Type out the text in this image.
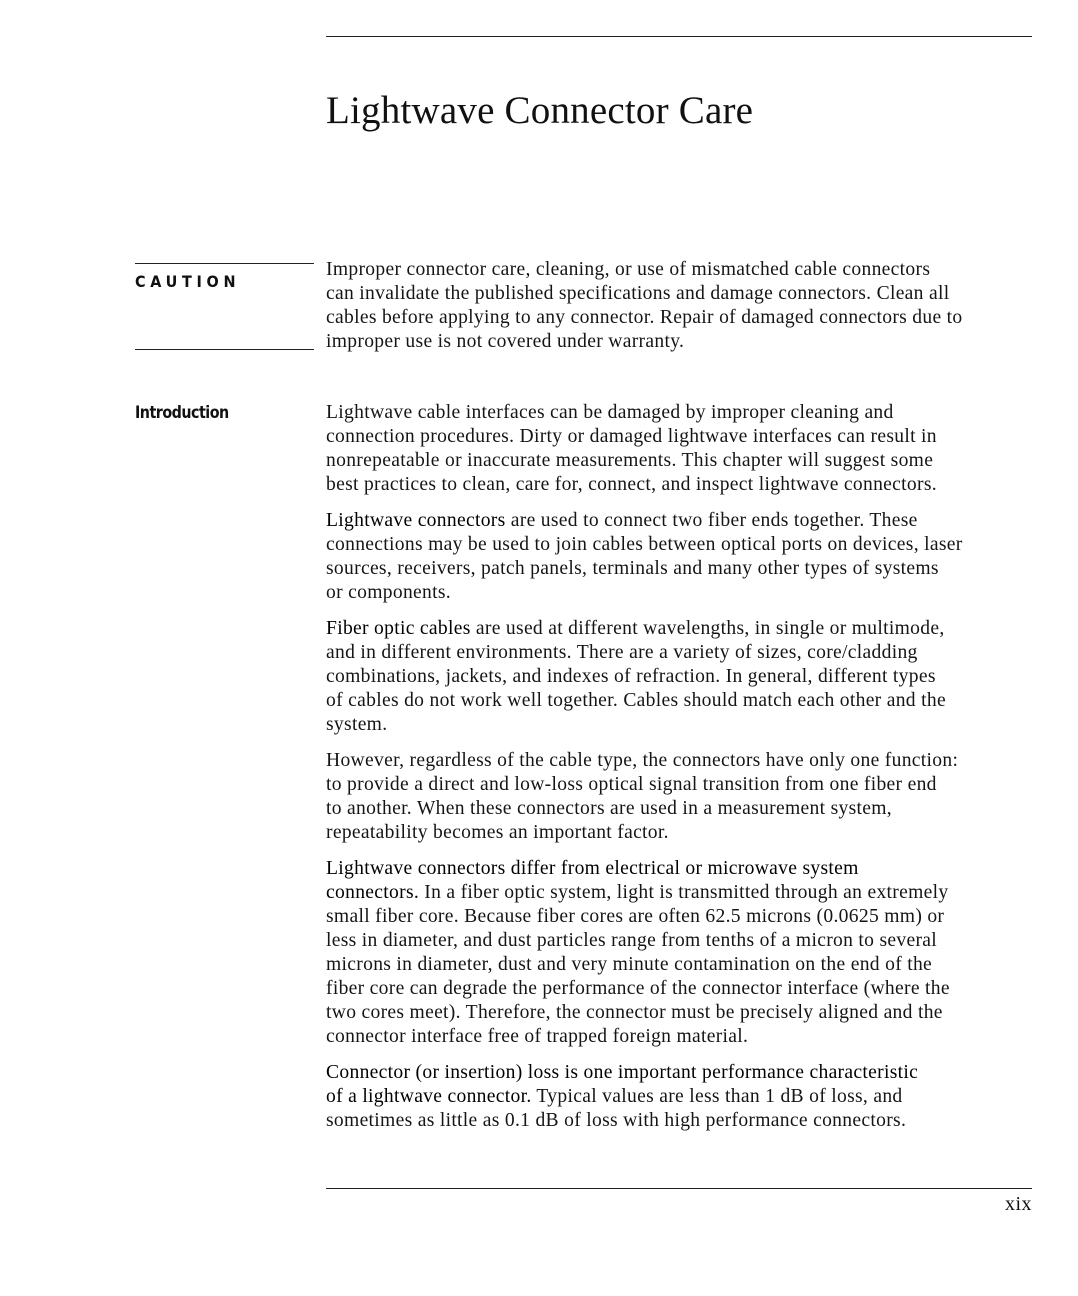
Lightwave Connector Care
CAUTION

Improper connector care, cleaning, or use of mismatched cable connectors
can invalidate the published specifications and damage connectors. Clean all
cables before applying to any connector. Repair of damaged connectors due to
improper use is not covered under warranty.

Introduction	Lightwave cable interfaces can be damaged by improper cleaning and
connection procedures. Dirty or damaged lightwave interfaces can result in
nonrepeatable or inaccurate measurements. This chapter will suggest some
best practices to clean, care for, connect, and inspect lightwave connectors.

Lightwave connectors are used to connect two fiber ends together. These
connections may be used to join cables between optical ports on devices, laser
sources, receivers, patch panels, terminals and many other types of systems
or components.

Fiber optic cables are used at different wavelengths, in single or multimode,
and in different environments. There are a variety of sizes, core/cladding
combinations, jackets, and indexes of refraction. In general, different types
of cables do not work well together. Cables should match each other and the
system.

However, regardless of the cable type, the connectors have only one function:
to provide a direct and low-loss optical signal transition from one fiber end
to another. When these connectors are used in a measurement system,
repeatability becomes an important factor.

Lightwave connectors differ from electrical or microwave system
connectors. In a fiber optic system, light is transmitted through an extremely
small fiber core. Because fiber cores are often 62.5 microns (0.0625 mm) or
less in diameter, and dust particles range from tenths of a micron to several
microns in diameter, dust and very minute contamination on the end of the
fiber core can degrade the performance of the connector interface (where the
two cores meet). Therefore, the connector must be precisely aligned and the
connector interface free of trapped foreign material.

Connector (or insertion) loss is one important performance characteristic
of a lightwave connector. Typical values are less than 1 dB of loss, and
sometimes as little as 0.1 dB of loss with high performance connectors.

xix
